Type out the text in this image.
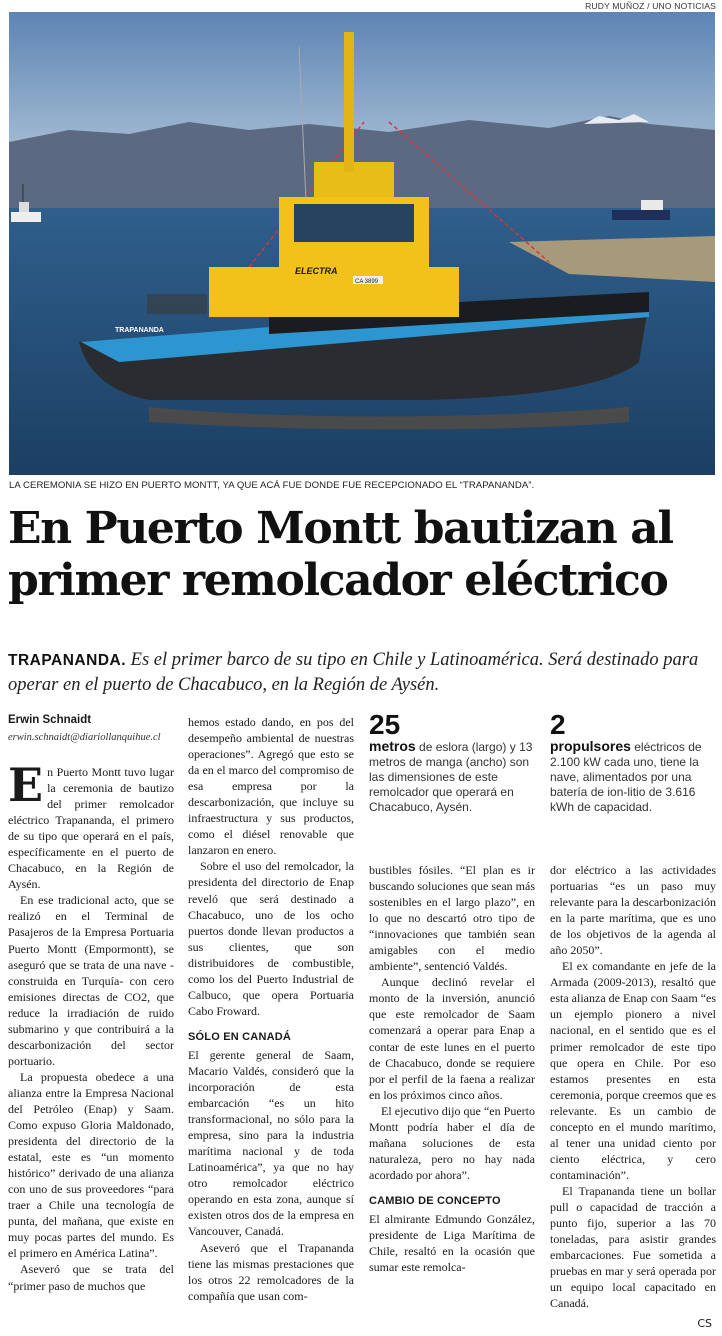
RUDY MUÑOZ / UNO NOTICIAS
TRAPANANDA
ELECTRA
CA 3899
LA CEREMONIA SE HIZO EN PUERTO MONTT, YA QUE ACÁ FUE DONDE FUE RECEPCIONADO EL “TRAPANANDA”.
En Puerto Montt bautizan al
primer remolcador eléctrico
TRAPANANDA. Es el primer barco de su tipo en Chile y Latinoamérica. Será destinado para operar en el puerto de Chacabuco, en la Región de Aysén.
Erwin Schnaidt
erwin.schnaidt@diariollanquihue.cl	25
metros de eslora (largo) y 13 metros de manga (ancho) son las dimensiones de este remolcador que operará en Chacabuco, Aysén.
2
propulsores eléctricos de 2.100 kW cada uno, tiene la nave, alimentados por una batería de ion-litio de 3.616 kWh de capacidad.
E n Puerto Montt tuvo lugar la ceremonia de bautizo del primer remolcador eléctrico Trapananda, el primero de su tipo que operará en el país, específicamente en el puerto de Chacabuco, en la Región de Aysén.

En ese tradicional acto, que se realizó en el Terminal de Pasajeros de la Empresa Portuaria Puerto Montt (Empormontt), se aseguró que se trata de una nave -construida en Turquía- con cero emisiones directas de CO2, que reduce la irradiación de ruido submarino y que contribuirá a la descarbonización del sector portuario.

La propuesta obedece a una alianza entre la Empresa Nacional del Petróleo (Enap) y Saam. Como expuso Gloria Maldonado, presidenta del directorio de la estatal, este es “un momento histórico” derivado de una alianza con uno de sus proveedores “para traer a Chile una tecnología de punta, del mañana, que existe en muy pocas partes del mundo. Es el primero en América Latina”.

Aseveró que se trata del “primer paso de muchos que

hemos estado dando, en pos del desempeño ambiental de nuestras operaciones”. Agregó que esto se da en el marco del compromiso de esa empresa por la descarbonización, que incluye su infraestructura y sus productos, como el diésel renovable que lanzaron en enero.

Sobre el uso del remolcador, la presidenta del directorio de Enap reveló que será destinado a Chacabuco, uno de los ocho puertos donde llevan productos a sus clientes, que son distribuidores de combustible, como los del Puerto Industrial de Calbuco, que opera Portuaria Cabo Froward.

SÓLO EN CANADÁ

El gerente general de Saam, Macario Valdés, consideró que la incorporación de esta embarcación “es un hito transformacional, no sólo para la empresa, sino para la industria marítima nacional y de toda Latinoamérica”, ya que no hay otro remolcador eléctrico operando en esta zona, aunque sí existen otros dos de la empresa en Vancouver, Canadá.

Aseveró que el Trapananda tiene las mismas prestaciones que los otros 22 remolcadores de la compañía que usan com-

bustibles fósiles. “El plan es ir buscando soluciones que sean más sostenibles en el largo plazo”, en lo que no descartó otro tipo de “innovaciones que también sean amigables con el medio ambiente”, sentenció Valdés.

Aunque declinó revelar el monto de la inversión, anunció que este remolcador de Saam comenzará a operar para Enap a contar de este lunes en el puerto de Chacabuco, donde se requiere por el perfil de la faena a realizar en los próximos cinco años.

El ejecutivo dijo que “en Puerto Montt podría haber el día de mañana soluciones de esta naturaleza, pero no hay nada acordado por ahora”.

CAMBIO DE CONCEPTO

El almirante Edmundo González, presidente de Liga Marítima de Chile, resaltó en la ocasión que sumar este remolca-

dor eléctrico a las actividades portuarias “es un paso muy relevante para la descarbonización en la parte marítima, que es uno de los objetivos de la agenda al año 2050”.

El ex comandante en jefe de la Armada (2009-2013), resaltó que esta alianza de Enap con Saam “es un ejemplo pionero a nivel nacional, en el sentido que es el primer remolcador de este tipo que opera en Chile. Por eso estamos presentes en esta ceremonia, porque creemos que es relevante. Es un cambio de concepto en el mundo marítimo, al tener una unidad ciento por ciento eléctrica, y cero contaminación”.

El Trapananda tiene un bollar pull o capacidad de tracción a punto fijo, superior a las 70 toneladas, para asistir grandes embarcaciones. Fue sometida a pruebas en mar y será operada por un equipo local capacitado en Canadá.

CS
